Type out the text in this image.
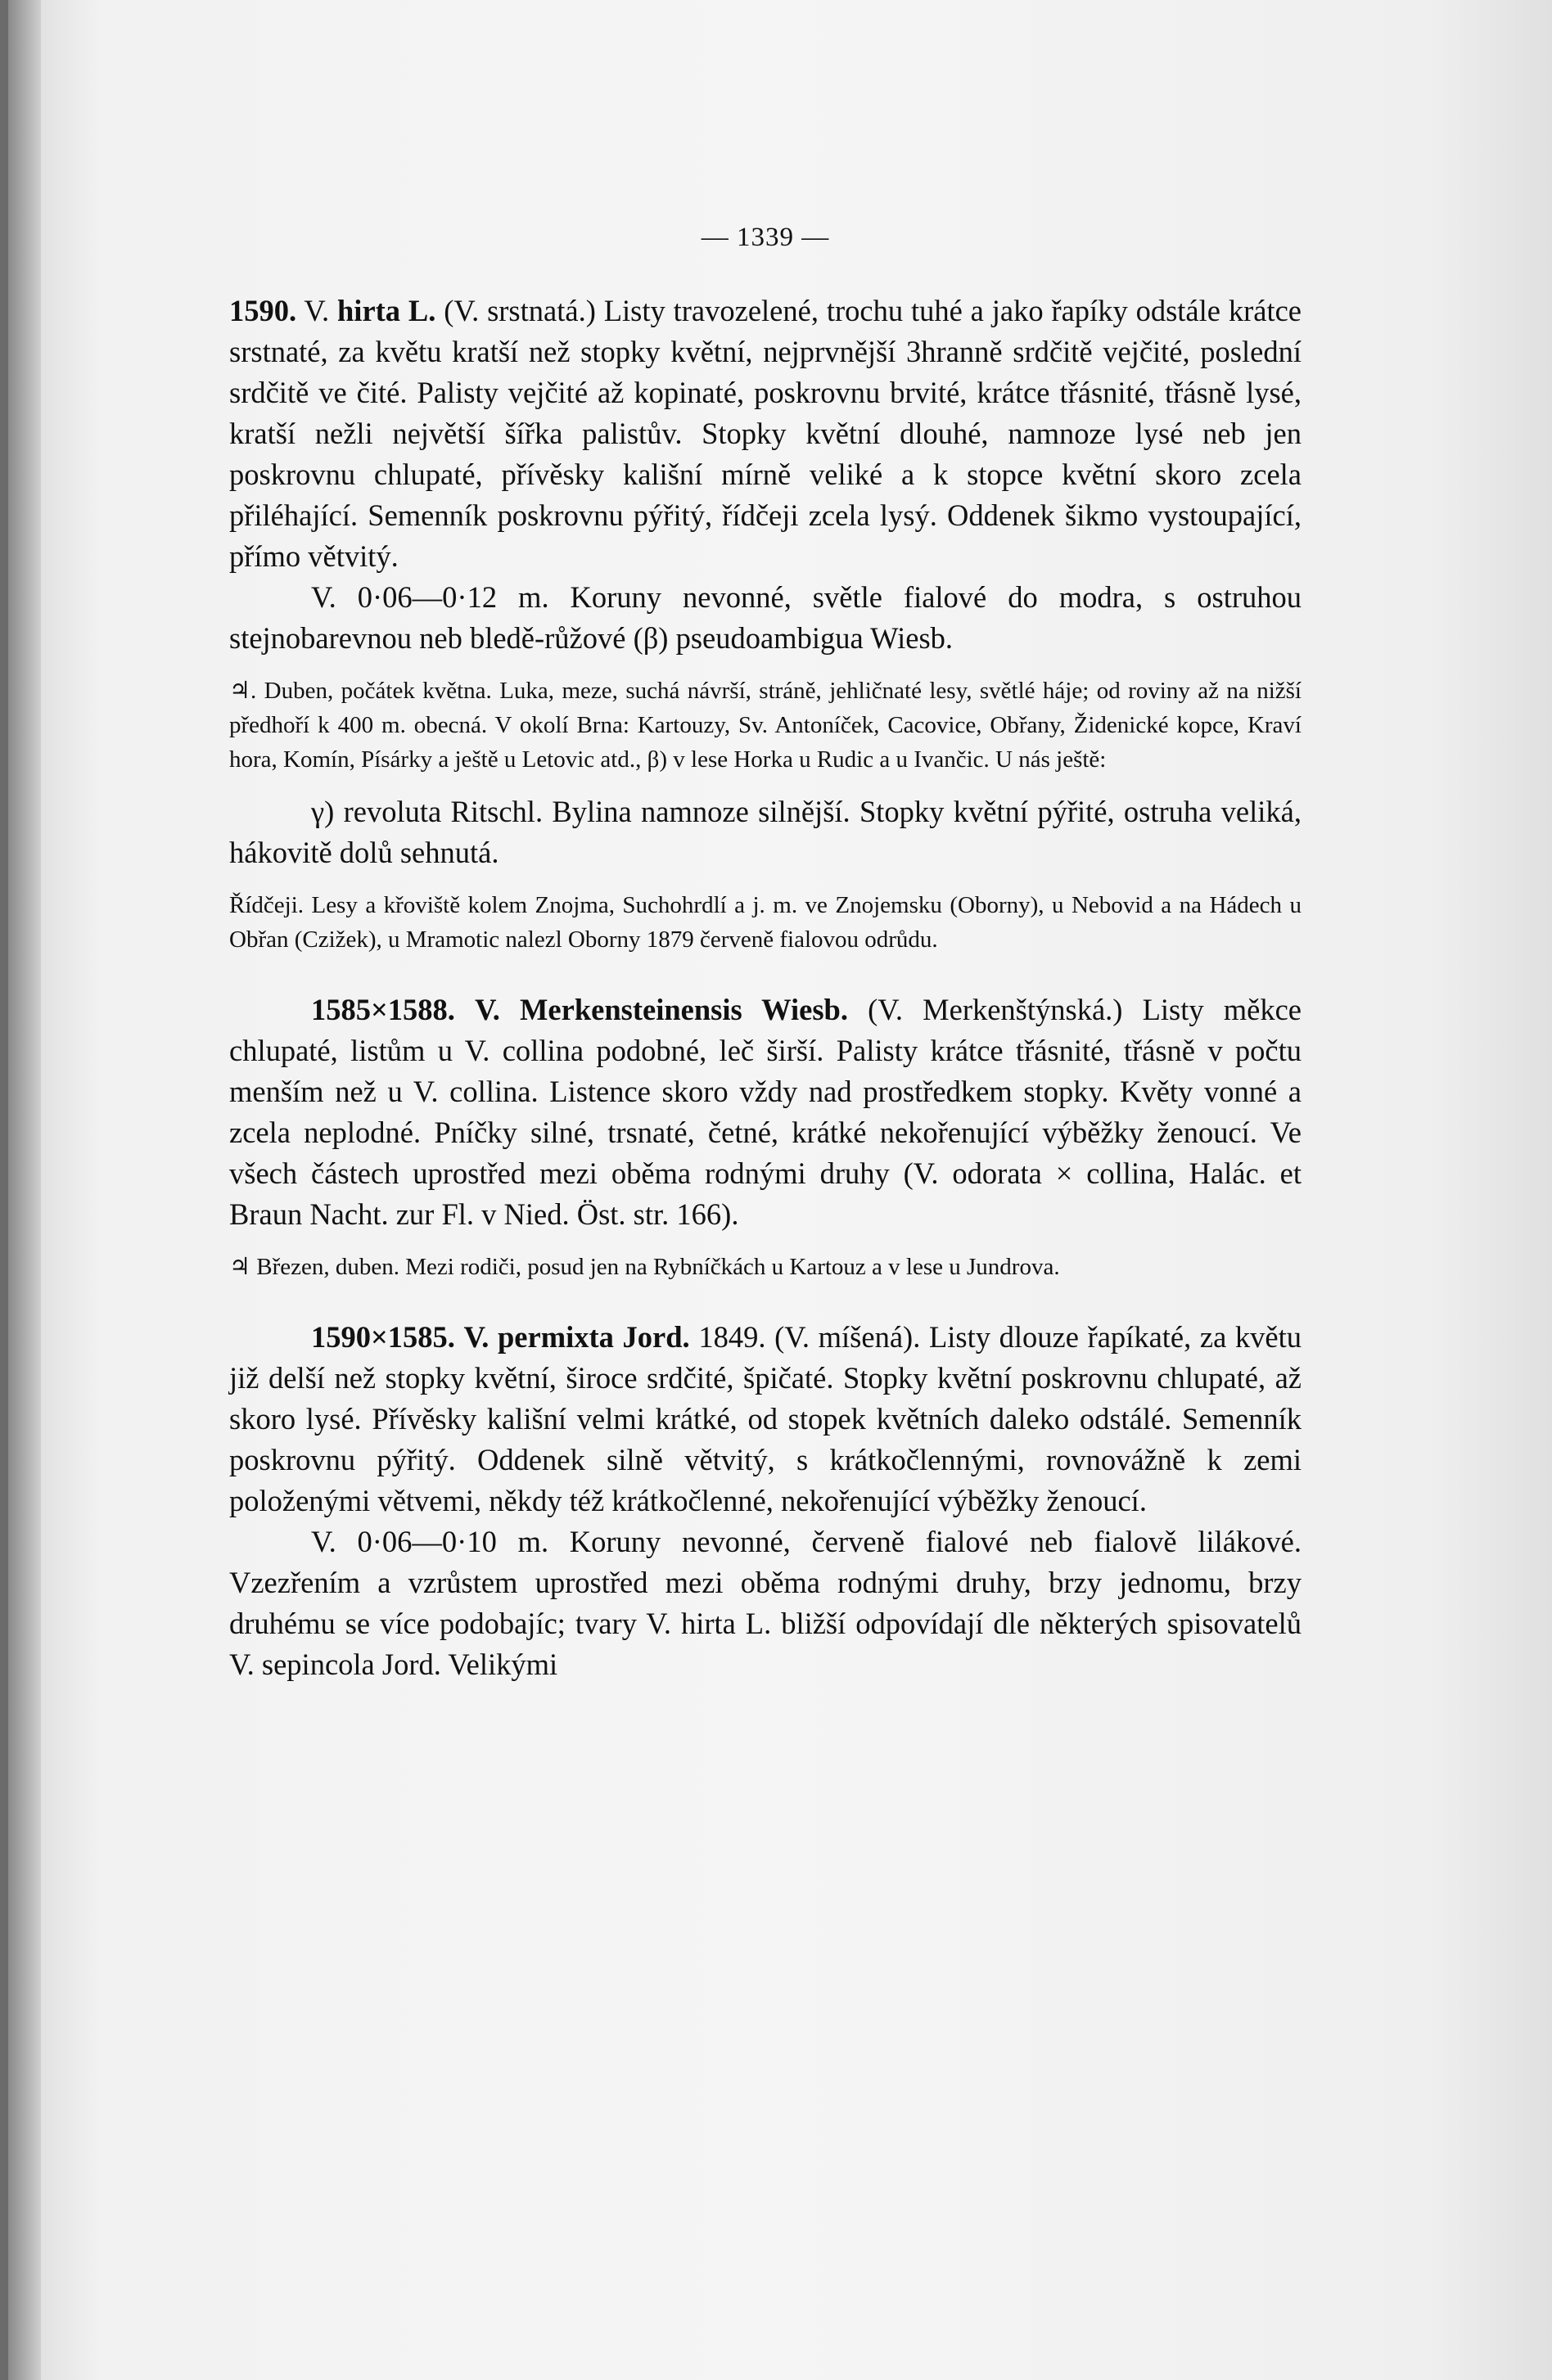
— 1339 —

1590. V. hirta L. (V. srstnatá.) Listy travozelené, trochu tuhé a jako řapíky odstále krátce srstnaté, za květu kratší než stopky květní, nejprvnější 3hranně srdčitě vejčité, poslední srdčitě ve čité. Palisty vejčité až kopinaté, poskrovnu brvité, krátce třásnité, třásně lysé, kratší nežli největší šířka palistův. Stopky květní dlouhé, namnoze lysé neb jen poskrovnu chlupaté, přívěsky kališní mírně veliké a k stopce květní skoro zcela přiléhající. Semenník poskrovnu pýřitý, řídčeji zcela lysý. Oddenek šikmo vystoupající, přímo větvitý.

V. 0·06—0·12 m. Koruny nevonné, světle fialové do modra, s ostruhou stejnobarevnou neb bledě-růžové (β) pseudoambigua Wiesb.

♃. Duben, počátek května. Luka, meze, suchá návrší, stráně, jehličnaté lesy, světlé háje; od roviny až na nižší předhoří k 400 m. obecná. V okolí Brna: Kartouzy, Sv. Antoníček, Cacovice, Obřany, Židenické kopce, Kraví hora, Komín, Písárky a ještě u Letovic atd., β) v lese Horka u Rudic a u Ivančic. U nás ještě:

γ) revoluta Ritschl. Bylina namnoze silnější. Stopky květní pýřité, ostruha veliká, hákovitě dolů sehnutá.

Řídčeji. Lesy a křoviště kolem Znojma, Suchohrdlí a j. m. ve Znojemsku (Oborny), u Nebovid a na Hádech u Obřan (Czižek), u Mramotic nalezl Oborny 1879 červeně fialovou odrůdu.

1585×1588. V. Merkensteinensis Wiesb. (V. Merkenštýnská.) Listy měkce chlupaté, listům u V. collina podobné, leč širší. Palisty krátce třásnité, třásně v počtu menším než u V. collina. Listence skoro vždy nad prostředkem stopky. Květy vonné a zcela neplodné. Pníčky silné, trsnaté, četné, krátké nekořenující výběžky ženoucí. Ve všech částech uprostřed mezi oběma rodnými druhy (V. odorata × collina, Halác. et Braun Nacht. zur Fl. v Nied. Öst. str. 166).

♃ Březen, duben. Mezi rodiči, posud jen na Rybníčkách u Kartouz a v lese u Jundrova.

1590×1585. V. permixta Jord. 1849. (V. míšená). Listy dlouze řapíkaté, za květu již delší než stopky květní, široce srdčité, špičaté. Stopky květní poskrovnu chlupaté, až skoro lysé. Přívěsky kališní velmi krátké, od stopek květních daleko odstálé. Semenník poskrovnu pýřitý. Oddenek silně větvitý, s krátkočlennými, rovnovážně k zemi položenými větvemi, někdy též krátkočlenné, nekořenující výběžky ženoucí.

V. 0·06—0·10 m. Koruny nevonné, červeně fialové neb fialově lilákové. Vzezřením a vzrůstem uprostřed mezi oběma rodnými druhy, brzy jednomu, brzy druhému se více podobajíc; tvary V. hirta L. bližší odpovídají dle některých spisovatelů V. sepincola Jord. Velikými
